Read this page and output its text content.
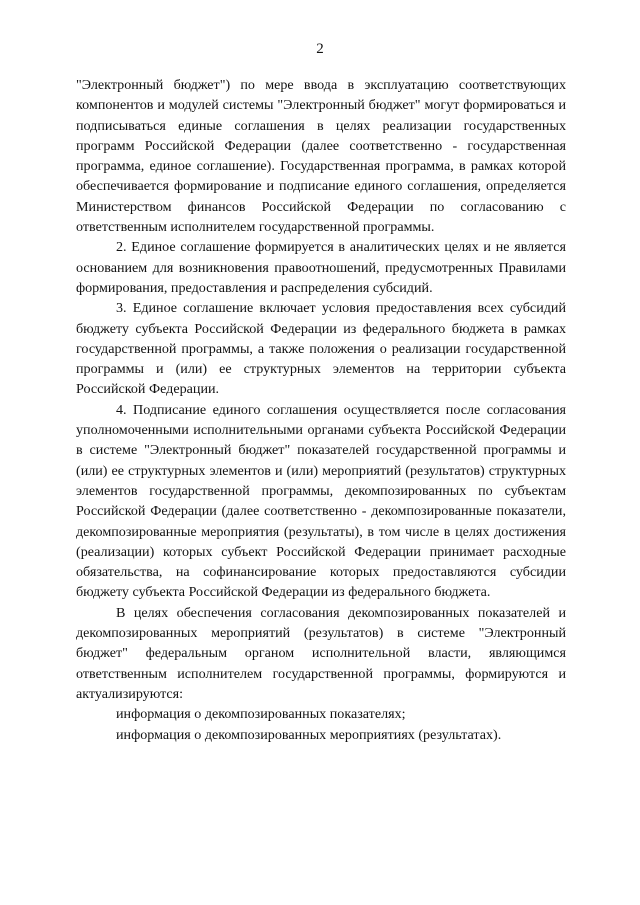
2

"Электронный бюджет") по мере ввода в эксплуатацию соответствующих компонентов и модулей системы "Электронный бюджет" могут формироваться и подписываться единые соглашения в целях реализации государственных программ Российской Федерации (далее соответственно - государственная программа, единое соглашение). Государственная программа, в рамках которой обеспечивается формирование и подписание единого соглашения, определяется Министерством финансов Российской Федерации по согласованию с ответственным исполнителем государственной программы.

2. Единое соглашение формируется в аналитических целях и не является основанием для возникновения правоотношений, предусмотренных Правилами формирования, предоставления и распределения субсидий.

3. Единое соглашение включает условия предоставления всех субсидий бюджету субъекта Российской Федерации из федерального бюджета в рамках государственной программы, а также положения о реализации государственной программы и (или) ее структурных элементов на территории субъекта Российской Федерации.

4. Подписание единого соглашения осуществляется после согласования уполномоченными исполнительными органами субъекта Российской Федерации в системе "Электронный бюджет" показателей государственной программы и (или) ее структурных элементов и (или) мероприятий (результатов) структурных элементов государственной программы, декомпозированных по субъектам Российской Федерации (далее соответственно - декомпозированные показатели, декомпозированные мероприятия (результаты), в том числе в целях достижения (реализации) которых субъект Российской Федерации принимает расходные обязательства, на софинансирование которых предоставляются субсидии бюджету субъекта Российской Федерации из федерального бюджета.

В целях обеспечения согласования декомпозированных показателей и декомпозированных мероприятий (результатов) в системе "Электронный бюджет" федеральным органом исполнительной власти, являющимся ответственным исполнителем государственной программы, формируются и актуализируются:

информация о декомпозированных показателях;

информация о декомпозированных мероприятиях (результатах).
